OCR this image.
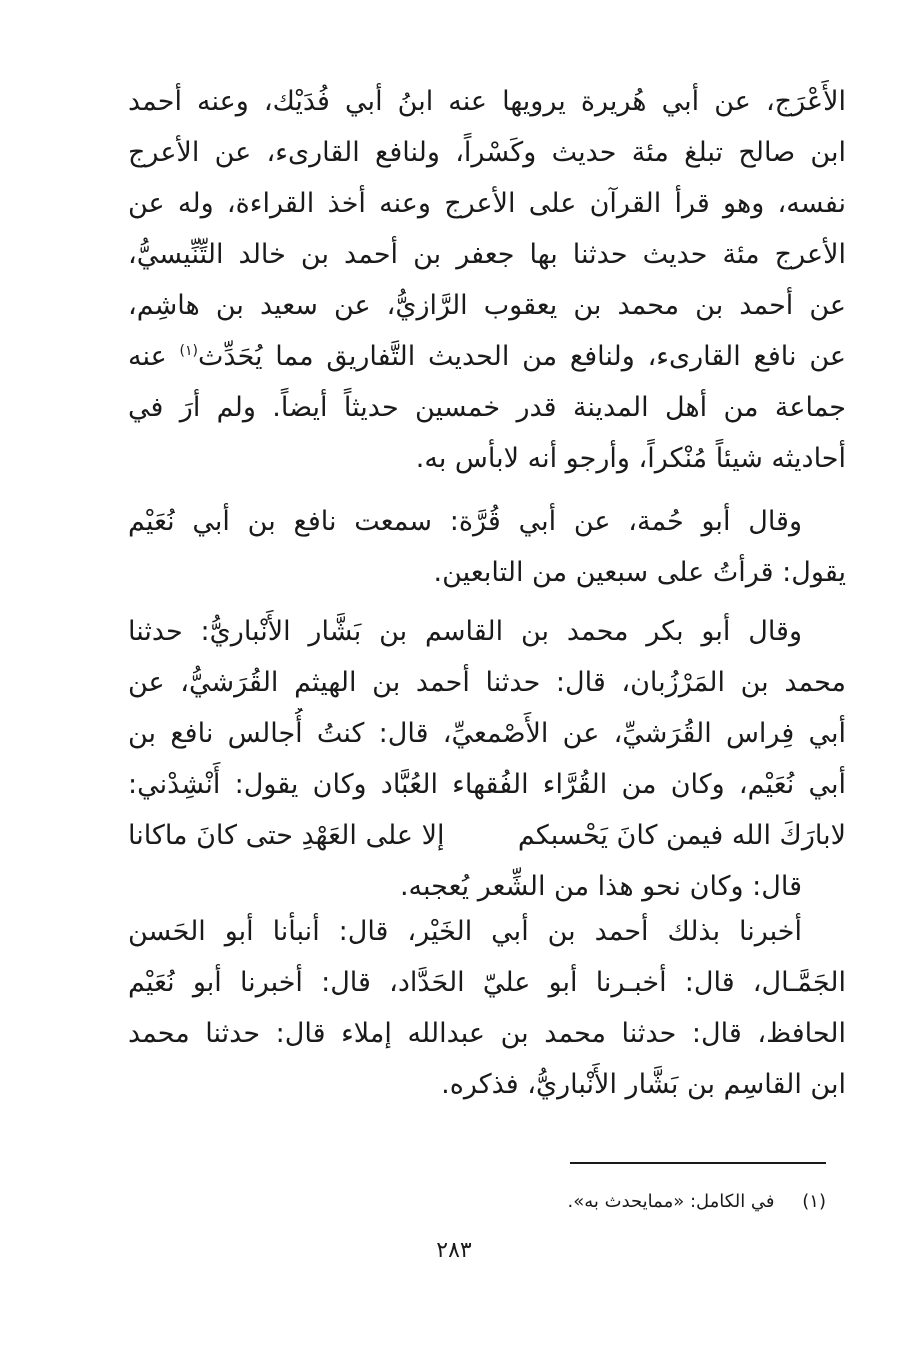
الأَعْرَج، عن أبي هُريرة يرويها عنه ابنُ أبي فُدَيْك، وعنه أحمد
ابن صالح تبلغ مئة حديث وكَسْراً، ولنافع القارىء، عن الأعرج
نفسه، وهو قرأ القرآن على الأعرج وعنه أخذ القراءة، وله عن
الأعرج مئة حديث حدثنا بها جعفر بن أحمد بن خالد التِّنِّيسيُّ،
عن أحمد بن محمد بن يعقوب الرَّازيُّ، عن سعيد بن هاشِم،
عن نافع القارىء، ولنافع من الحديث التَّفاريق مما يُحَدِّث$^{(١)}$ عنه
جماعة من أهل المدينة قدر خمسين حديثاً أيضاً. ولم أرَ في
أحاديثه شيئاً مُنْكراً، وأرجو أنه لابأس به.
وقال أبو حُمة، عن أبي قُرَّة: سمعت نافع بن أبي نُعَيْم
يقول: قرأتُ على سبعين من التابعين.
وقال أبو بكر محمد بن القاسم بن بَشَّار الأَنْباريُّ: حدثنا
محمد بن المَرْزُبان، قال: حدثنا أحمد بن الهيثم القُرَشيُّ، عن
أبي فِراس القُرَشيِّ، عن الأَصْمعيِّ، قال: كنتُ أُجالس نافع بن
أبي نُعَيْم، وكان من القُرَّاء الفُقهاء العُبَّاد وكان يقول: أَنْشِدْني:
لابارَكَ الله فيمن كانَ يَحْسبكم
إلا على العَهْدِ حتى كانَ ماكانا
قال: وكان نحو هذا من الشِّعر يُعجبه.
أخبرنا بذلك أحمد بن أبي الخَيْر، قال: أنبأنا أبو الحَسن
الجَمَّـال، قال: أخبـرنا أبو عليّ الحَدَّاد، قال: أخبرنا أبو نُعَيْم
الحافظ، قال: حدثنا محمد بن عبدالله إملاء قال: حدثنا محمد
ابن القاسِم بن بَشَّار الأَنْباريُّ، فذكره.
(١) في الكامل: «ممايحدث به».
٢٨٣
